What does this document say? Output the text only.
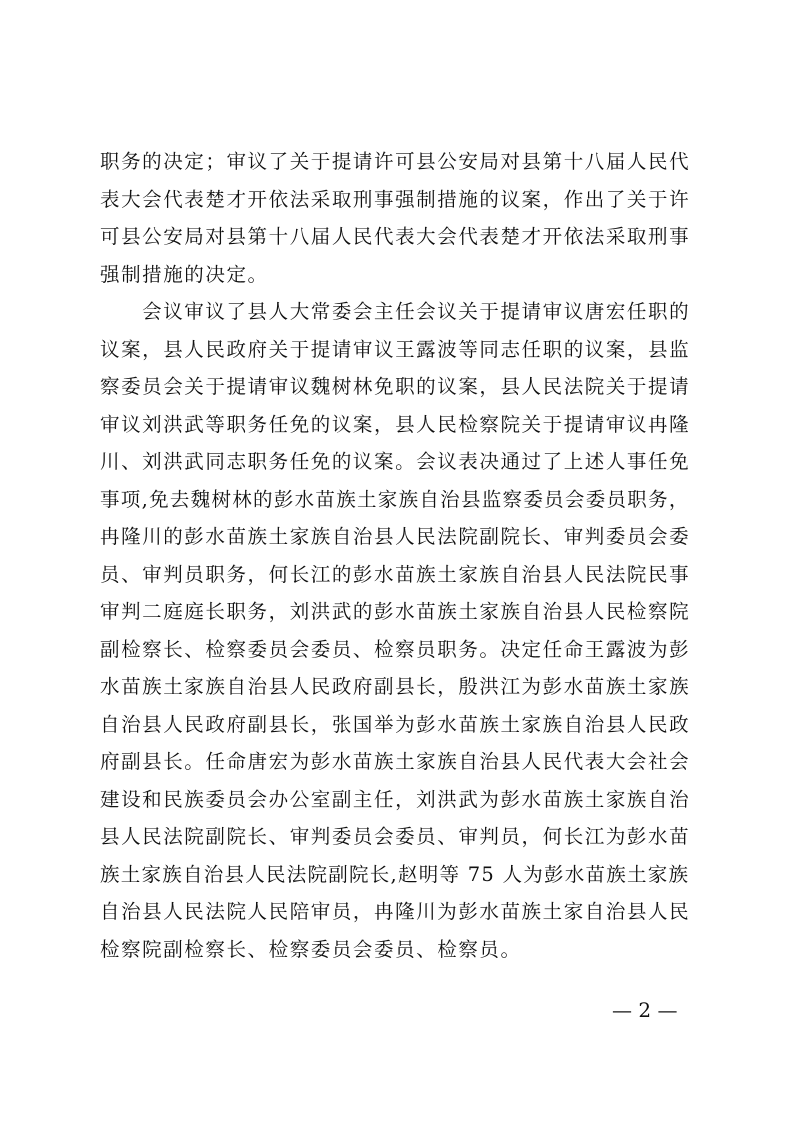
职务的决定；审议了关于提请许可县公安局对县第十八届人民代
表大会代表楚才开依法采取刑事强制措施的议案，作出了关于许
可县公安局对县第十八届人民代表大会代表楚才开依法采取刑事
强制措施的决定。
　　会议审议了县人大常委会主任会议关于提请审议唐宏任职的
议案，县人民政府关于提请审议王露波等同志任职的议案，县监
察委员会关于提请审议魏树林免职的议案，县人民法院关于提请
审议刘洪武等职务任免的议案，县人民检察院关于提请审议冉隆
川、刘洪武同志职务任免的议案。会议表决通过了上述人事任免
事项,免去魏树林的彭水苗族土家族自治县监察委员会委员职务，
冉隆川的彭水苗族土家族自治县人民法院副院长、审判委员会委
员、审判员职务，何长江的彭水苗族土家族自治县人民法院民事
审判二庭庭长职务，刘洪武的彭水苗族土家族自治县人民检察院
副检察长、检察委员会委员、检察员职务。决定任命王露波为彭
水苗族土家族自治县人民政府副县长，殷洪江为彭水苗族土家族
自治县人民政府副县长，张国举为彭水苗族土家族自治县人民政
府副县长。任命唐宏为彭水苗族土家族自治县人民代表大会社会
建设和民族委员会办公室副主任，刘洪武为彭水苗族土家族自治
县人民法院副院长、审判委员会委员、审判员，何长江为彭水苗
族土家族自治县人民法院副院长,赵明等 75 人为彭水苗族土家族
自治县人民法院人民陪审员，冉隆川为彭水苗族土家自治县人民
检察院副检察长、检察委员会委员、检察员。
— 2 —
